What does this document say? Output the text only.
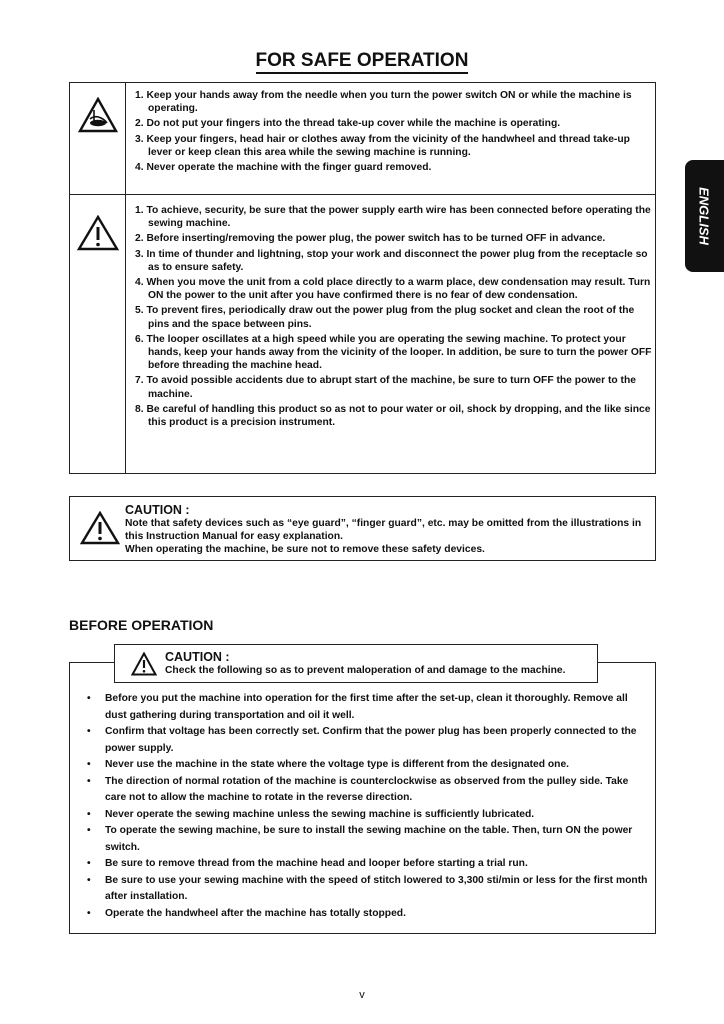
FOR SAFE OPERATION
ENGLISH
1. Keep your hands away from the needle when you turn the power switch ON or while the machine is operating.
2. Do not put your fingers into the thread take-up cover while the machine is operating.
3. Keep your fingers, head hair or clothes away from the vicinity of the handwheel and thread take-up lever or keep clean this area while the sewing machine is running.
4. Never operate the machine with the finger guard removed.
1. To achieve, security, be sure that the power supply earth wire has been connected before operating the sewing machine.
2. Before inserting/removing the power plug, the power switch has to be turned OFF in advance.
3. In time of thunder and lightning, stop your work and disconnect the power plug from the receptacle so as to ensure safety.
4. When you move the unit from a cold place directly to a warm place, dew condensation may result. Turn ON the power to the unit after you have confirmed there is no fear of dew condensation.
5. To prevent fires, periodically draw out the power plug from the plug socket and clean the root of the pins and the space between pins.
6. The looper oscillates at a high speed while you are operating the sewing machine. To protect your hands, keep your hands away from the vicinity of the looper. In addition, be sure to turn the power OFF before threading the machine head.
7. To avoid possible accidents due to abrupt start of the machine, be sure to turn OFF the power to the machine.
8. Be careful of handling this product so as not to pour water or oil, shock by dropping, and the like since this product is a precision instrument.
CAUTION :
Note that safety devices such as “eye guard”, “finger guard”, etc. may be omitted from the illustrations in this Instruction Manual for easy explanation.
When operating the machine, be sure not to remove these safety devices.
BEFORE OPERATION
CAUTION :
Check the following so as to prevent maloperation of and damage to the machine.
• Before you put the machine into operation for the first time after the set-up, clean it thoroughly. Remove all dust gathering during transportation and oil it well.
• Confirm that voltage has been correctly set. Confirm that the power plug has been properly connected to the power supply.
• Never use the machine in the state where the voltage type is different from the designated one.
• The direction of normal rotation of the machine is counterclockwise as observed from the pulley side. Take care not to allow the machine to rotate in the reverse direction.
• Never operate the sewing machine unless the sewing machine is sufficiently lubricated.
• To operate the sewing machine, be sure to install the sewing machine on the table. Then, turn ON the power switch.
• Be sure to remove thread from the machine head and looper before starting a trial run.
• Be sure to use your sewing machine with the speed of stitch lowered to 3,300 sti/min or less for the first month after installation.
• Operate the handwheel after the machine has totally stopped.
v
